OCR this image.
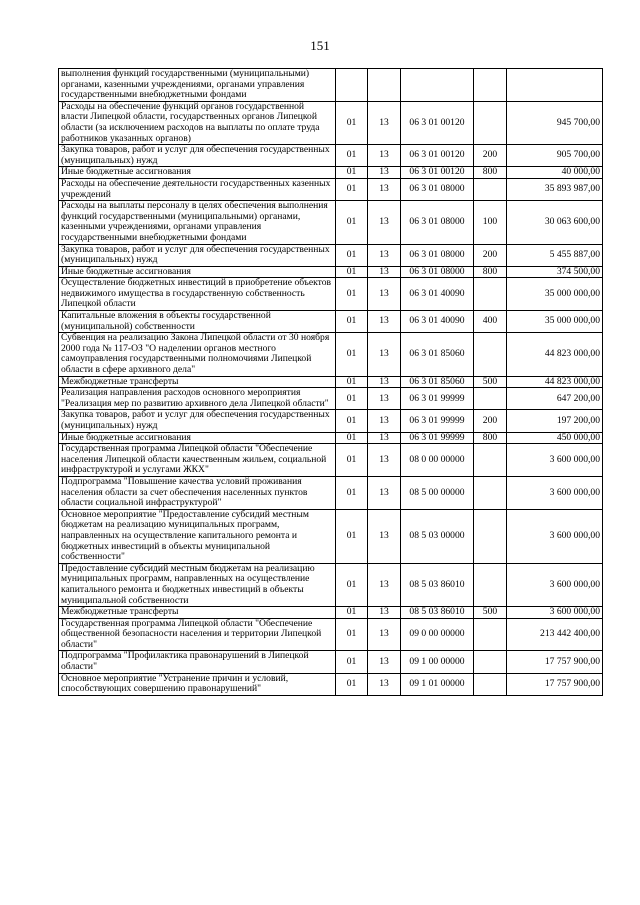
151
выполнения функций государственными (муниципальными) органами, казенными учреждениями, органами управления государственными внебюджетными фондами					
Расходы на обеспечение функций органов государственной власти Липецкой области, государственных органов Липецкой области (за исключением расходов на выплаты по оплате труда работников указанных органов)	01	13	06 3 01 00120		945 700,00
Закупка товаров, работ и услуг для обеспечения государственных (муниципальных) нужд	01	13	06 3 01 00120	200	905 700,00
Иные бюджетные ассигнования	01	13	06 3 01 00120	800	40 000,00
Расходы на обеспечение деятельности государственных казенных учреждений	01	13	06 3 01 08000		35 893 987,00
Расходы на выплаты персоналу в целях обеспечения выполнения функций государственными (муниципальными) органами, казенными учреждениями, органами управления государственными внебюджетными фондами	01	13	06 3 01 08000	100	30 063 600,00
Закупка товаров, работ и услуг для обеспечения государственных (муниципальных) нужд	01	13	06 3 01 08000	200	5 455 887,00
Иные бюджетные ассигнования	01	13	06 3 01 08000	800	374 500,00
Осуществление бюджетных инвестиций в приобретение объектов недвижимого имущества в государственную собственность Липецкой области	01	13	06 3 01 40090		35 000 000,00
Капитальные вложения в объекты государственной (муниципальной) собственности	01	13	06 3 01 40090	400	35 000 000,00
Субвенция на реализацию Закона Липецкой области от 30 ноября 2000 года № 117-ОЗ "О наделении органов местного самоуправления государственными полномочиями Липецкой области в сфере архивного дела"	01	13	06 3 01 85060		44 823 000,00
Межбюджетные трансферты	01	13	06 3 01 85060	500	44 823 000,00
Реализация направления расходов основного мероприятия "Реализация мер по развитию архивного дела Липецкой области"	01	13	06 3 01 99999		647 200,00
Закупка товаров, работ и услуг для обеспечения государственных (муниципальных) нужд	01	13	06 3 01 99999	200	197 200,00
Иные бюджетные ассигнования	01	13	06 3 01 99999	800	450 000,00
Государственная программа Липецкой области "Обеспечение населения Липецкой области качественным жильем, социальной инфраструктурой и услугами ЖКХ"	01	13	08 0 00 00000		3 600 000,00
Подпрограмма "Повышение качества условий проживания населения области за счет обеспечения населенных пунктов области социальной инфраструктурой"	01	13	08 5 00 00000		3 600 000,00
Основное мероприятие "Предоставление субсидий местным бюджетам на реализацию муниципальных программ, направленных на осуществление капитального ремонта и бюджетных инвестиций в объекты муниципальной собственности"	01	13	08 5 03 00000		3 600 000,00
Предоставление субсидий местным бюджетам на реализацию муниципальных программ, направленных на осуществление капитального ремонта и бюджетных инвестиций в объекты муниципальной собственности	01	13	08 5 03 86010		3 600 000,00
Межбюджетные трансферты	01	13	08 5 03 86010	500	3 600 000,00
Государственная программа Липецкой области "Обеспечение общественной безопасности населения и территории Липецкой области"	01	13	09 0 00 00000		213 442 400,00
Подпрограмма "Профилактика правонарушений в Липецкой области"	01	13	09 1 00 00000		17 757 900,00
Основное мероприятие "Устранение причин и условий, способствующих совершению правонарушений"	01	13	09 1 01 00000		17 757 900,00
